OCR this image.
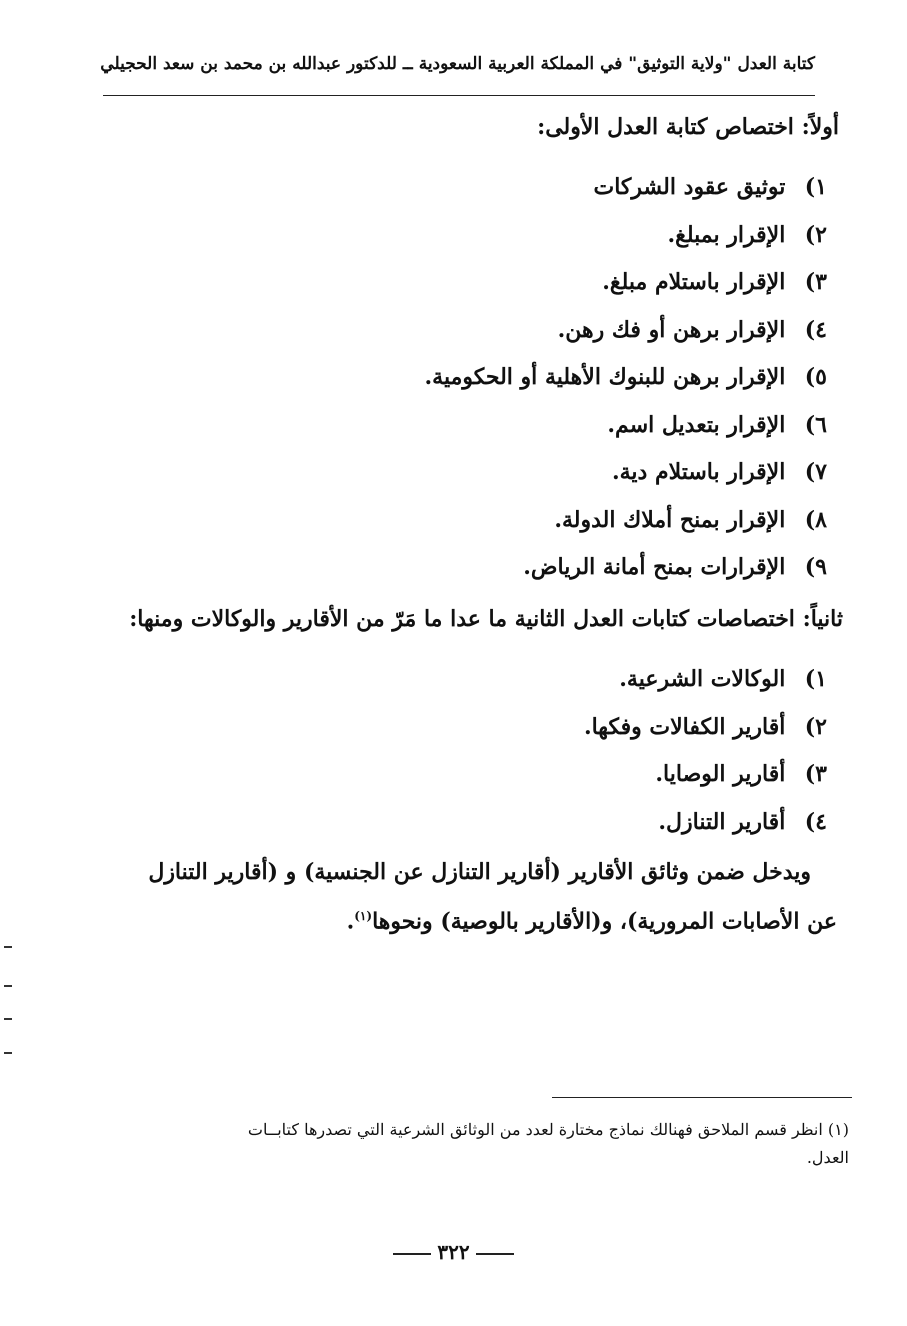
كتابة العدل "ولاية التوثيق" في المملكة العربية السعودية ــ للدكتور عبدالله بن محمد بن سعد الحجيلي
أولاً: اختصاص كتابة العدل الأولى:
١) توثيق عقود الشركات
٢) الإقرار بمبلغ.
٣) الإقرار باستلام مبلغ.
٤) الإقرار برهن أو فك رهن.
٥) الإقرار برهن للبنوك الأهلية أو الحكومية.
٦) الإقرار بتعديل اسم.
٧) الإقرار باستلام دية.
٨) الإقرار بمنح أملاك الدولة.
٩) الإقرارات بمنح أمانة الرياض.
ثانياً: اختصاصات كتابات العدل الثانية ما عدا ما مَرّ من الأقارير والوكالات ومنها:
١) الوكالات الشرعية.
٢) أقارير الكفالات وفكها.
٣) أقارير الوصايا.
٤) أقارير التنازل.
ويدخل ضمن وثائق الأقارير (أقارير التنازل عن الجنسية) و (أقارير التنازل
عن الأصابات المرورية)، و(الأقارير بالوصية) ونحوها$^{(١)}$.
(١) انظر قسم الملاحق فهنالك نماذج مختارة لعدد من الوثائق الشرعية التي تصدرها كتابــات
العدل.
٣٢٢
